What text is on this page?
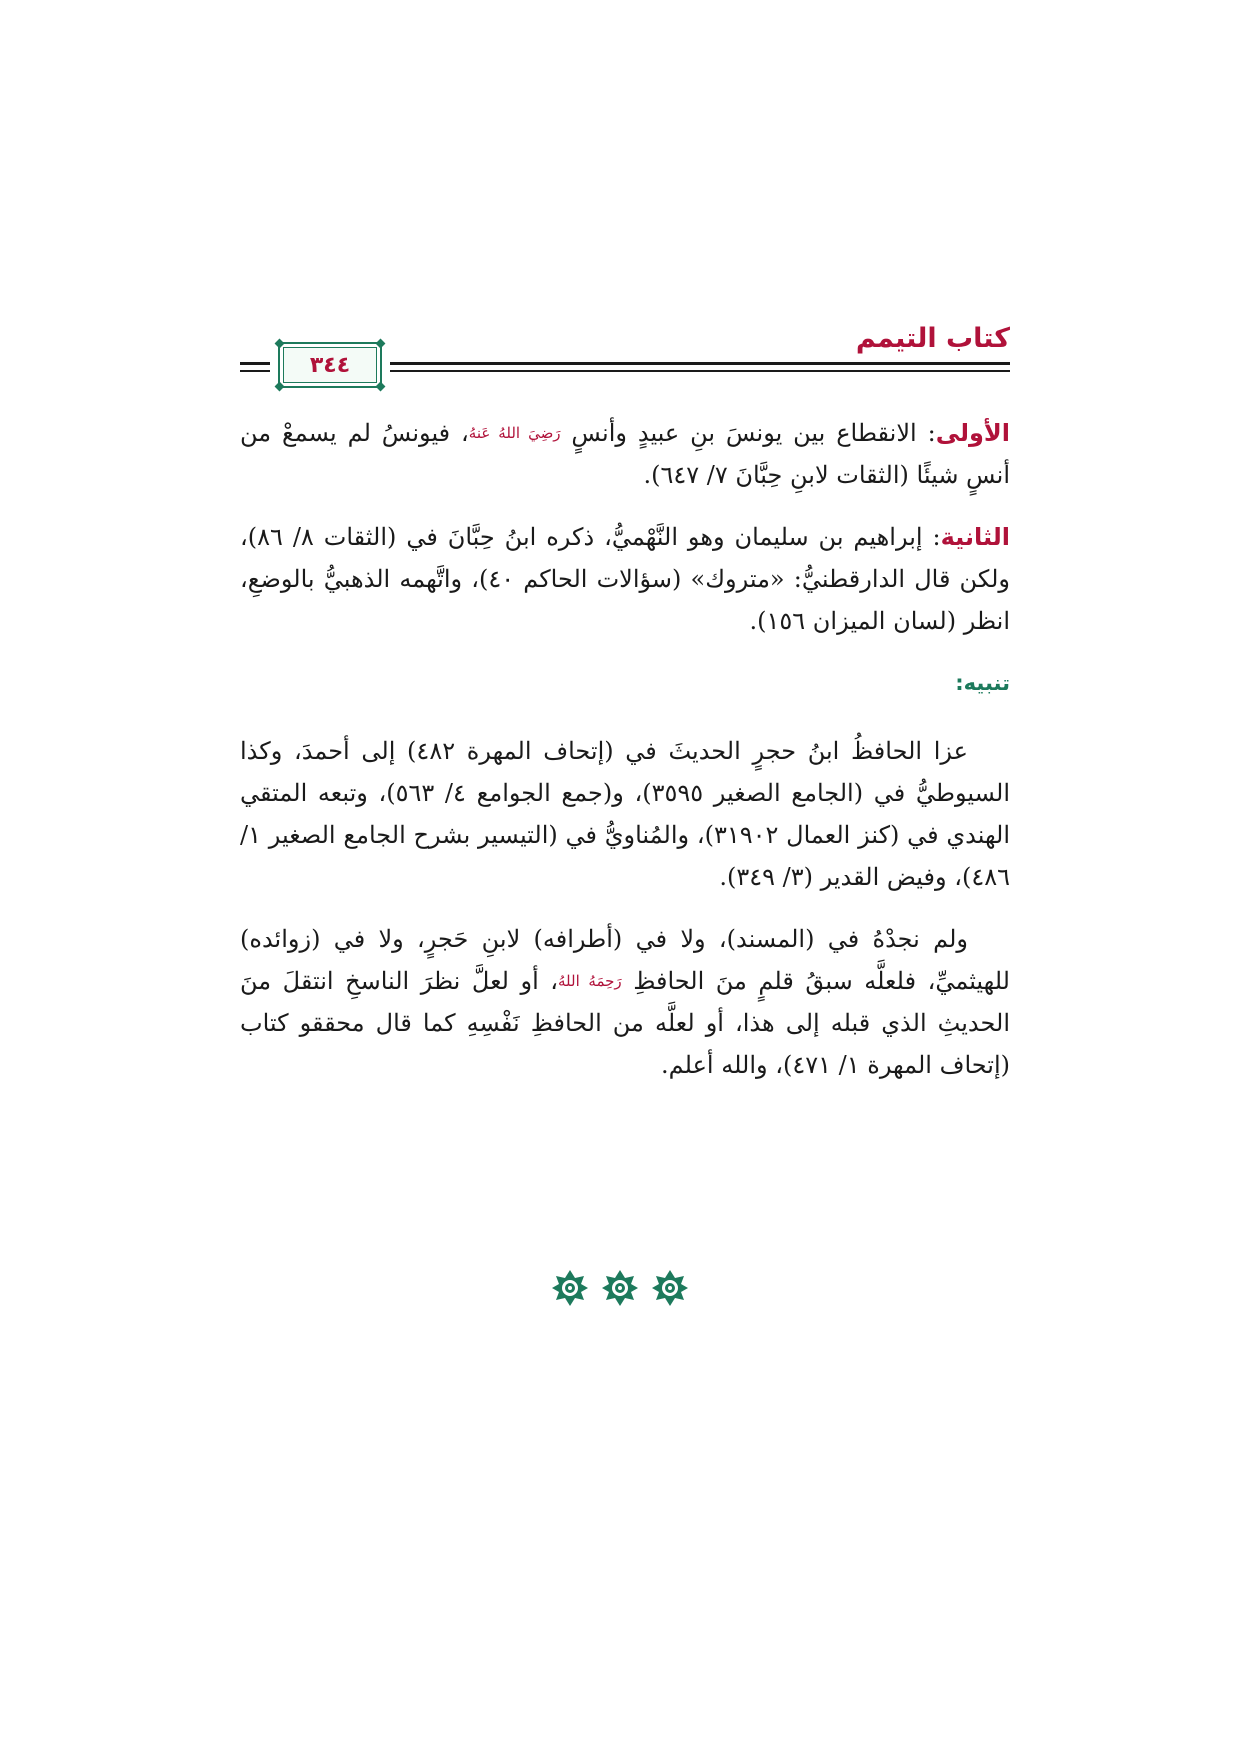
كتاب التيمم
٣٤٤

الأولى: الانقطاع بين يونسَ بنِ عبيدٍ وأنسٍ رَضِيَ اللهُ عَنهُ، فيونسُ لم يسمعْ من أنسٍ شيئًا (الثقات لابنِ حِبَّانَ ٧/ ٦٤٧).

الثانية: إبراهيم بن سليمان وهو النَّهْميُّ، ذكره ابنُ حِبَّانَ في (الثقات ٨/ ٨٦)، ولكن قال الدارقطنيُّ: «متروك» (سؤالات الحاكم ٤٠)، واتَّهمه الذهبيُّ بالوضعِ، انظر (لسان الميزان ١٥٦).

تنبيه:

عزا الحافظُ ابنُ حجرٍ الحديثَ في (إتحاف المهرة ٤٨٢) إلى أحمدَ، وكذا السيوطيُّ في (الجامع الصغير ٣٥٩٥)، و(جمع الجوامع ٤/ ٥٦٣)، وتبعه المتقي الهندي في (كنز العمال ٣١٩٠٢)، والمُناويُّ في (التيسير بشرح الجامع الصغير ١/ ٤٨٦)، وفيض القدير (٣/ ٣٤٩).

ولم نجدْهُ في (المسند)، ولا في (أطرافه) لابنِ حَجرٍ، ولا في (زوائده) للهيثميِّ، فلعلَّه سبقُ قلمٍ منَ الحافظِ رَحِمَهُ اللهُ، أو لعلَّ نظرَ الناسخِ انتقلَ منَ الحديثِ الذي قبله إلى هذا، أو لعلَّه من الحافظِ نَفْسِهِ كما قال محققو كتاب (إتحاف المهرة ١/ ٤٧١)، والله أعلم.
